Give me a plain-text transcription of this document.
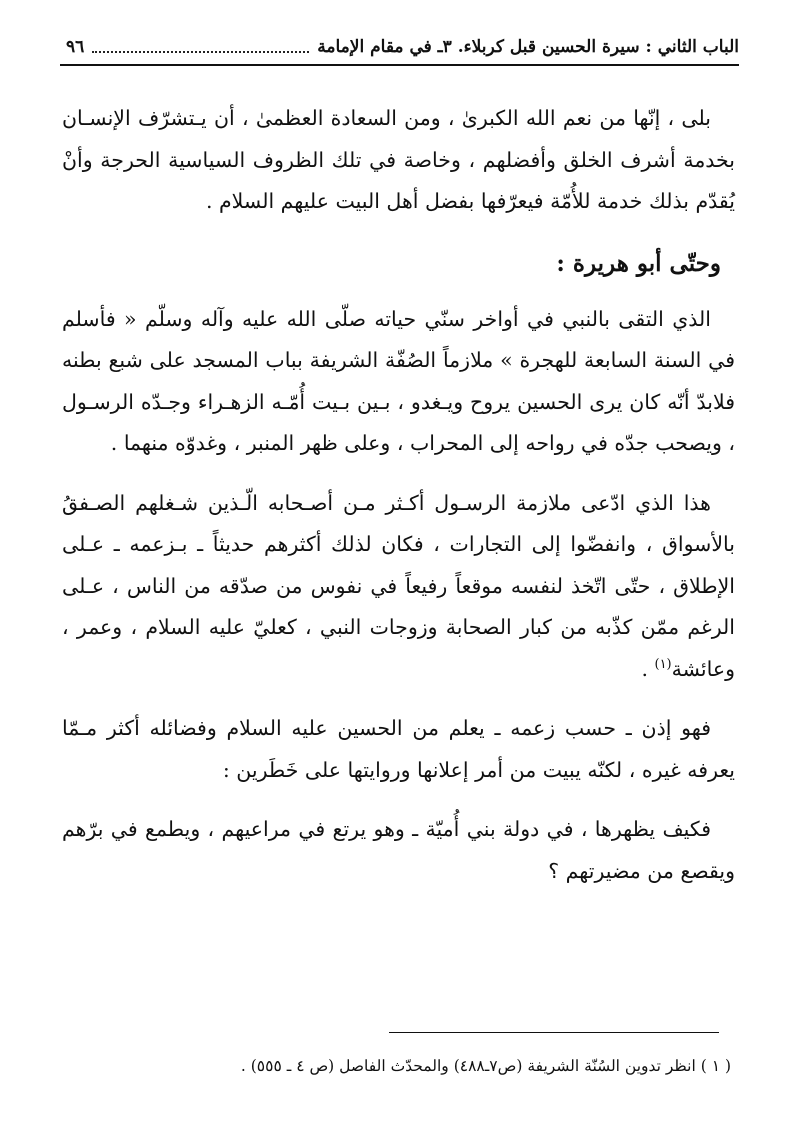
الباب الثاني : سيرة الحسين قبل كربلاء. ٣ـ في مقام الإمامة
٩٦

بلى ، إنّها من نعم الله الكبرىٰ ، ومن السعادة العظمىٰ ، أن يـتشرّف الإنسـان بخدمة أشرف الخلق وأفضلهم ، وخاصة في تلك الظروف السياسية الحرجة وأنْ يُقدّم بذلك خدمة للأُمّة فيعرّفها بفضل أهل البيت عليهم السلام .

وحتّى أبو هريرة :

الذي التقى بالنبي في أواخر سنّي حياته صلّى الله عليه وآله وسلّم « فأسلم في السنة السابعة للهجرة » ملازماً الصُفّة الشريفة بباب المسجد على شبع بطنه فلابدّ أنّه كان يرى الحسين يروح ويـغدو ، بـين بـيت أُمّـه الزهـراء وجـدّه الرسـول ، ويصحب جدّه في رواحه إلى المحراب ، وعلى ظهر المنبر ، وغدوّه منهما .

هذا الذي ادّعى ملازمة الرسـول أكـثر مـن أصـحابه الّـذين شـغلهم الصـفقُ بالأسواق ، وانفضّوا إلى التجارات ، فكان لذلك أكثرهم حديثاً ـ بـزعمه ـ عـلى الإطلاق ، حتّى اتّخذ لنفسه موقعاً رفيعاً في نفوس من صدّقه من الناس ، عـلى الرغم ممّن كذّبه من كبار الصحابة وزوجات النبي ، كعليّ عليه السلام ، وعمر ، وعائشة$^{(١)}$ .

فهو إذن ـ حسب زعمه ـ يعلم من الحسين عليه السلام وفضائله أكثر مـمّا يعرفه غيره ، لكنّه يبيت من أمر إعلانها وروايتها على خَطَرين :

فكيف يظهرها ، في دولة بني أُميّة ـ وهو يرتع في مراعيهم ، ويطمع في برّهم ويقصع من مضيرتهم ؟

( ١ ) انظر تدوين السُنّة الشريفة (ص٧ـ٤٨٨) والمحدّث الفاصل (ص ٤ ـ ٥٥٥) .
